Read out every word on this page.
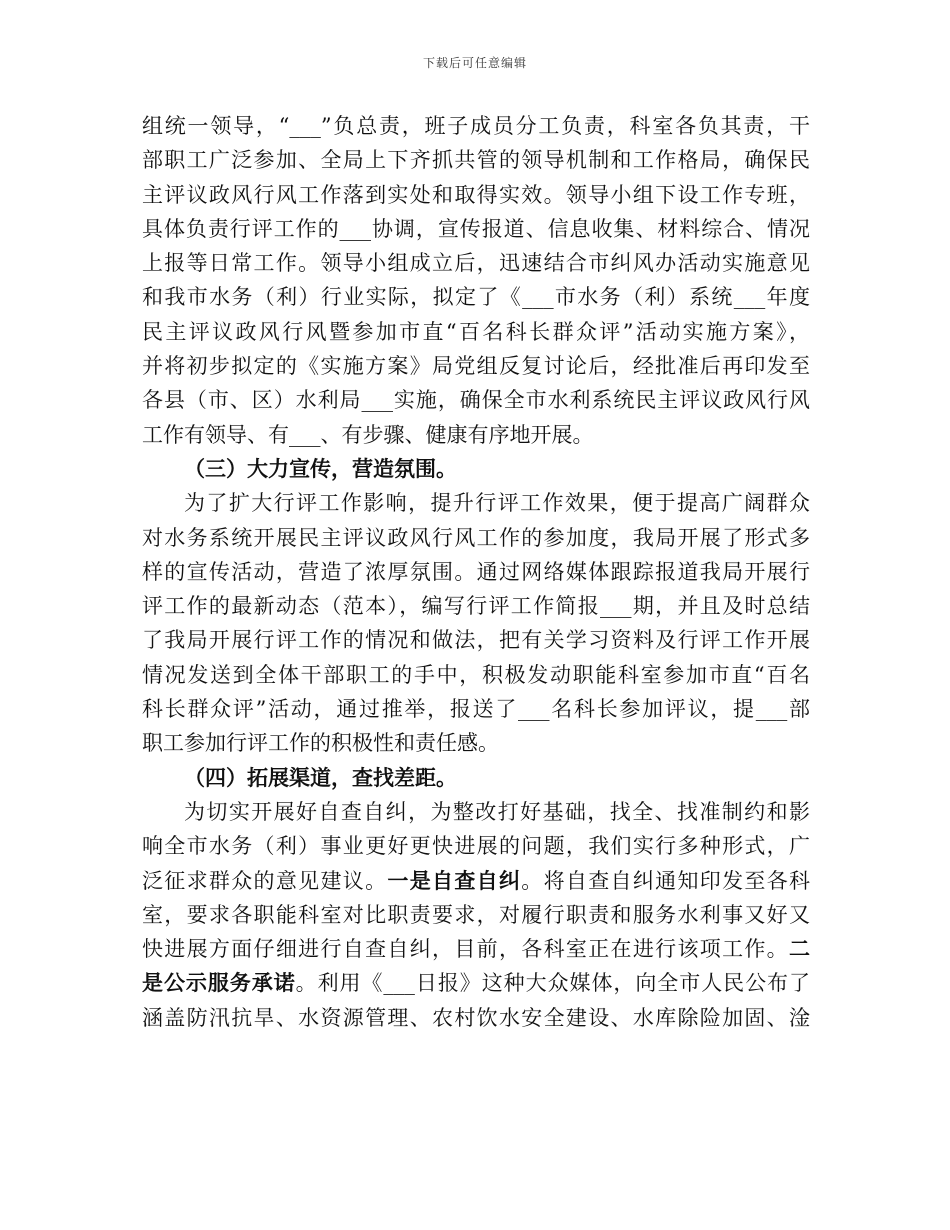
下载后可任意编辑
组统一领导，“___”负总责，班子成员分工负责，科室各负其责，干
部职工广泛参加、全局上下齐抓共管的领导机制和工作格局，确保民
主评议政风行风工作落到实处和取得实效。领导小组下设工作专班，
具体负责行评工作的___协调，宣传报道、信息收集、材料综合、情况
上报等日常工作。领导小组成立后，迅速结合市纠风办活动实施意见
和我市水务（利）行业实际，拟定了《___市水务（利）系统___年度
民主评议政风行风暨参加市直“百名科长群众评”活动实施方案》，
并将初步拟定的《实施方案》局党组反复讨论后，经批准后再印发至
各县（市、区）水利局___实施，确保全市水利系统民主评议政风行风
工作有领导、有___、有步骤、健康有序地开展。
（三）大力宣传，营造氛围。
为了扩大行评工作影响，提升行评工作效果，便于提高广阔群众
对水务系统开展民主评议政风行风工作的参加度，我局开展了形式多
样的宣传活动，营造了浓厚氛围。通过网络媒体跟踪报道我局开展行
评工作的最新动态（范本），编写行评工作简报___期，并且及时总结
了我局开展行评工作的情况和做法，把有关学习资料及行评工作开展
情况发送到全体干部职工的手中，积极发动职能科室参加市直“百名
科长群众评”活动，通过推举，报送了___名科长参加评议，提___部
职工参加行评工作的积极性和责任感。
（四）拓展渠道，查找差距。
为切实开展好自查自纠，为整改打好基础，找全、找准制约和影
响全市水务（利）事业更好更快进展的问题，我们实行多种形式，广
泛征求群众的意见建议。一是自查自纠。将自查自纠通知印发至各科
室，要求各职能科室对比职责要求，对履行职责和服务水利事又好又
快进展方面仔细进行自查自纠，目前，各科室正在进行该项工作。二
是公示服务承诺。利用《___日报》这种大众媒体，向全市人民公布了
涵盖防汛抗旱、水资源管理、农村饮水安全建设、水库除险加固、淦
